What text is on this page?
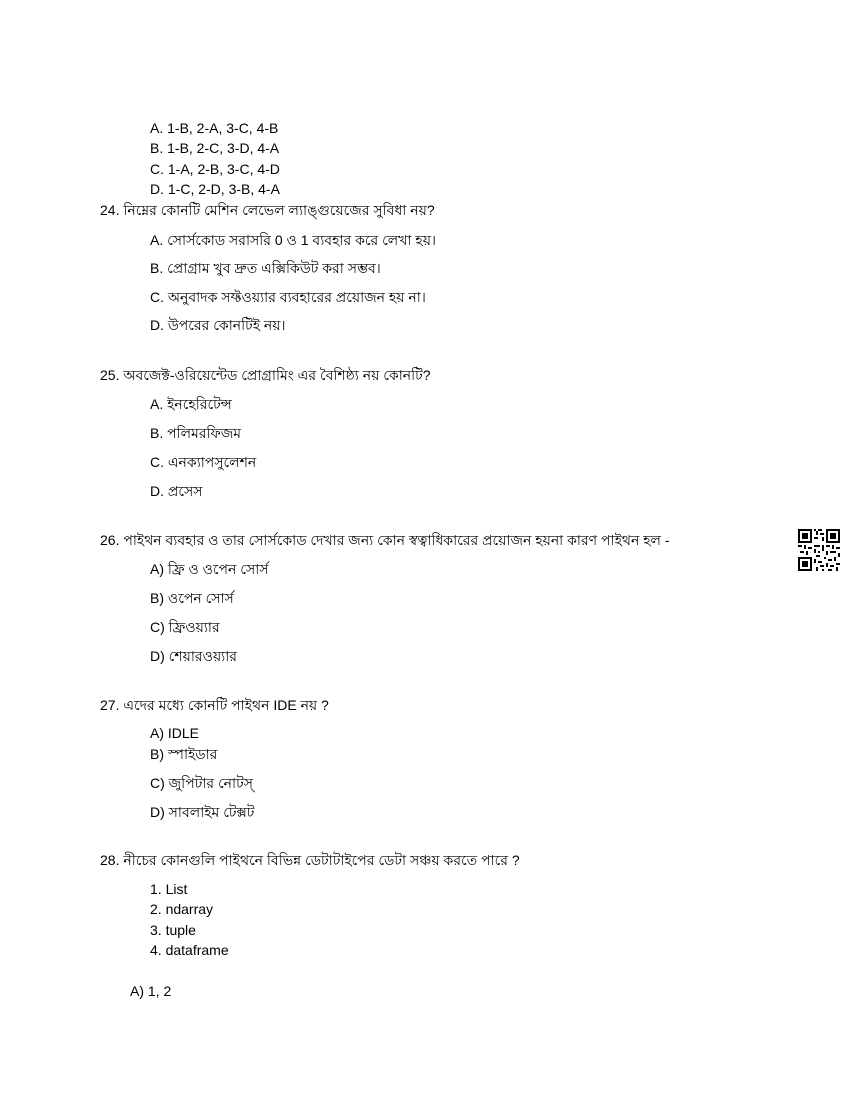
A. 1-B, 2-A, 3-C, 4-B
B. 1-B, 2-C, 3-D, 4-A
C. 1-A, 2-B, 3-C, 4-D
D. 1-C, 2-D, 3-B, 4-A
24. নিম্নের কোনটি মেশিন লেভেল ল্যাঙ্গুয়েজের সুবিধা নয়?
A. সোর্সকোড সরাসরি 0 ও 1 ব্যবহার করে লেখা হয়।
B. প্রোগ্রাম খুব দ্রুত এক্সিকিউট করা সম্ভব।
C. অনুবাদক সফ্টওয়্যার ব্যবহারের প্রয়োজন হয় না।
D. উপরের কোনটিই নয়।
25. অবজেক্ট-ওরিয়েন্টেড প্রোগ্রামিং এর বৈশিষ্ঠ্য নয় কোনটি?
A. ইনহেরিটেন্স
B. পলিমরফিজম
C. এনক্যাপসুলেশন
D. প্রসেস
26. পাইথন ব্যবহার ও তার সোর্সকোড দেখার জন্য কোন স্বত্বাধিকারের প্রয়োজন হয়না কারণ পাইথন হল -
A) ফ্রি ও ওপেন সোর্স
B) ওপেন সোর্স
C) ফ্রিওয়্যার
D) শেয়ারওয়্যার
27. এদের মধ্যে কোনটি পাইথন IDE নয় ?
A) IDLE
B) স্পাইডার
C) জুপিটার নোটস্
D) সাবলাইম টেক্সট
28. নীচের কোনগুলি পাইথনে বিভিন্ন ডেটাটাইপের ডেটা সঞ্চয় করতে পারে ?
1. List
2. ndarray
3. tuple
4. dataframe
A) 1, 2
